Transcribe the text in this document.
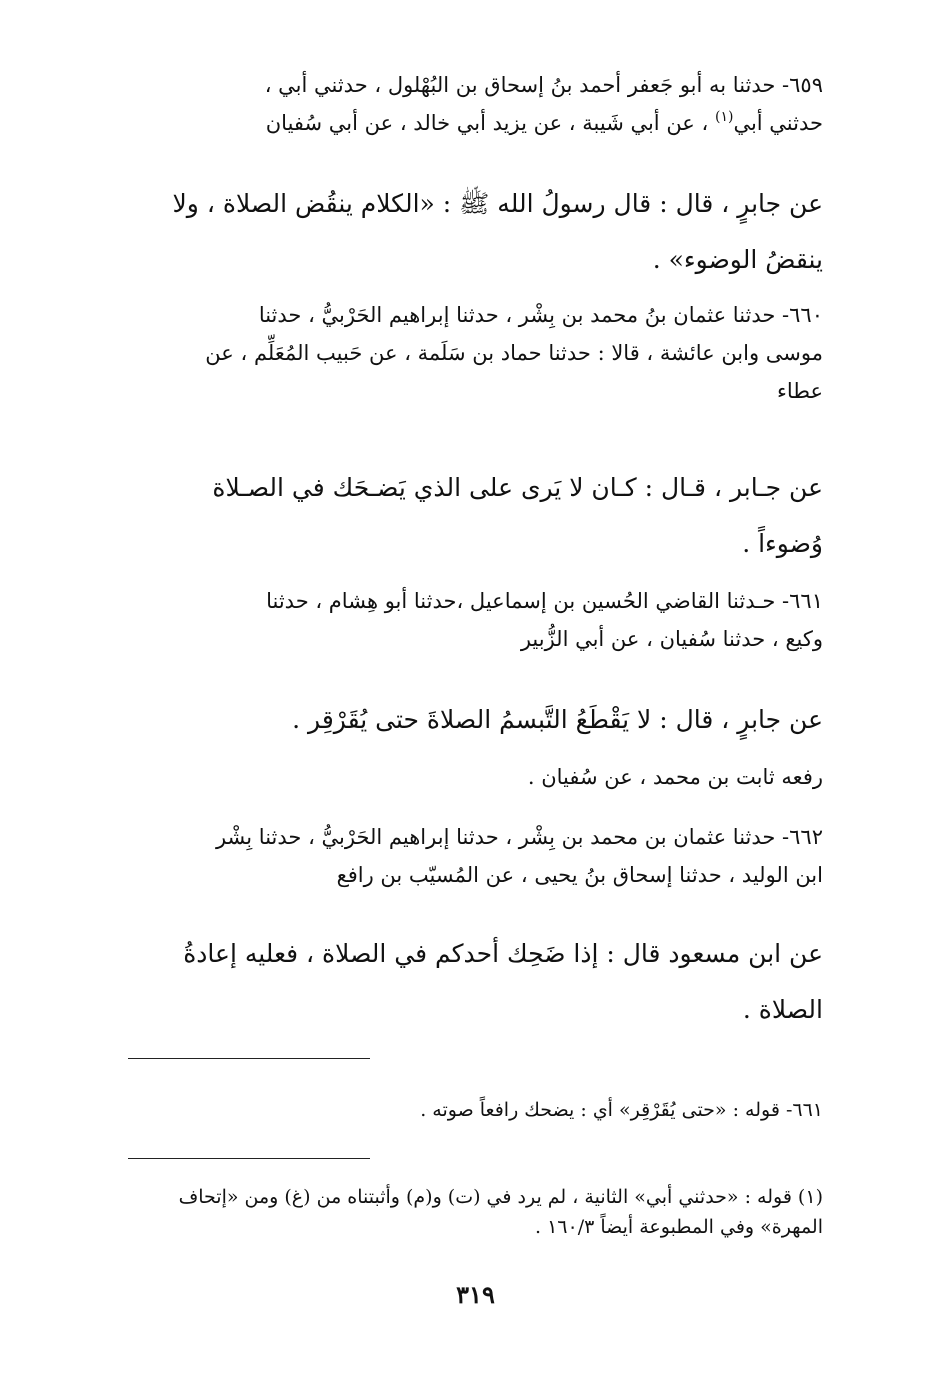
٦٥٩- حدثنا به أبو جَعفر أحمد بنُ إسحاق بن البُهْلول ، حدثني أبي ،
حدثني أبي$^{(١)}$ ، عن أبي شَيبة ، عن يزيد أبي خالد ، عن أبي سُفيان
عن جابرٍ ، قال : قال رسولُ الله ﷺ : «الكلام ينقُض الصلاة ، ولا
ينقضُ الوضوء» .
٦٦٠- حدثنا عثمان بنُ محمد بن بِشْر ، حدثنا إبراهيم الحَرْبيُّ ، حدثنا
موسى وابن عائشة ، قالا : حدثنا حماد بن سَلَمة ، عن حَبيب المُعَلِّم ، عن
عطاء
عن جـابر ، قـال : كـان لا يَرى على الذي يَضـحَك في الصـلاة
وُضوءاً .
٦٦١- حـدثنا القاضي الحُسين بن إسماعيل ،حدثنا أبو هِشام ، حدثنا
وكيع ، حدثنا سُفيان ، عن أبي الزُّبير
عن جابرٍ ، قال : لا يَقْطَعُ التَّبسمُ الصلاةَ حتى يُقَرْقِر .
رفعه ثابت بن محمد ، عن سُفيان .
٦٦٢- حدثنا عثمان بن محمد بن بِشْر ، حدثنا إبراهيم الحَرْبيُّ ، حدثنا بِشْر
ابن الوليد ، حدثنا إسحاق بنُ يحيى ، عن المُسيّب بن رافع
عن ابن مسعود قال : إذا ضَحِك أحدكم في الصلاة ، فعليه إعادةُ
الصلاة .
٦٦١- قوله : «حتى يُقَرْقِر» أي : يضحك رافعاً صوته .
(١) قوله : «حدثني أبي» الثانية ، لم يرد في (ت) و(م) وأثبتناه من (غ) ومن «إتحاف
المهرة» وفي المطبوعة أيضاً ١٦٠/٣ .
٣١٩
